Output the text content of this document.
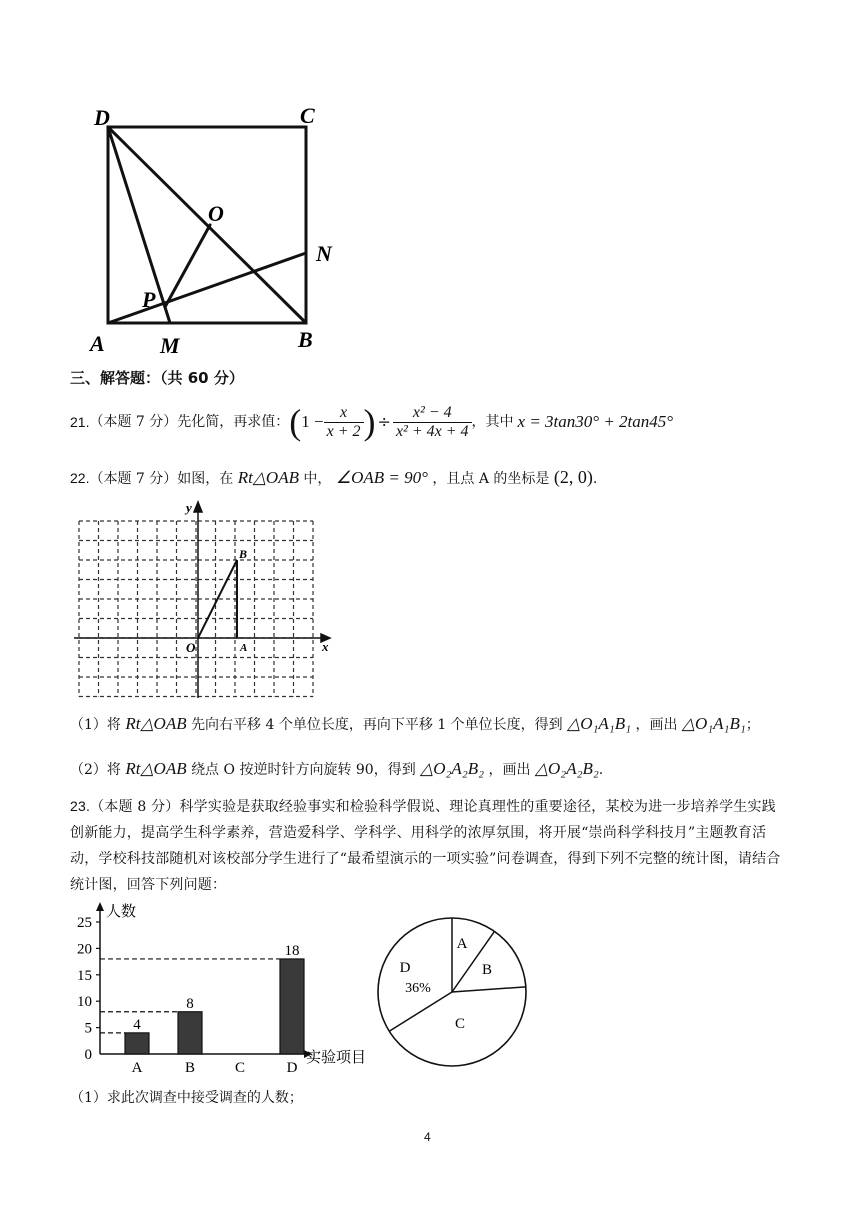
D	C
O
N
P
A	M	B
三、解答题：（共 60 分）
21. （本题 7 分）先化简，再求值： ( $1 - \frac{x}{x + 2}$ ) ÷ $\frac{\text{x² − 4}}{\text{x² + 4x + 4}}$ ，其中 x = 3tan30° + 2tan45°
22.（本题 7 分）如图，在 Rt△OAB 中， ∠OAB = 90° ，且点 A 的坐标是 (2, 0).
y
x
O	A
B
（1）将 Rt△OAB 先向右平移 4 个单位长度，再向下平移 1 个单位长度，得到 △O₁A₁B₁ ，画出 △O₁A₁B₁；
（2）将 Rt△OAB 绕点 O 按逆时针方向旋转 90，得到 △O₂A₂B₂ ，画出 △O₂A₂B₂.
23.（本题 8 分）科学实验是获取经验事实和检验科学假说、理论真理性的重要途径，某校为进一步培养学生实践创新能力，提高学生科学素养，营造爱科学、学科学、用科学的浓厚氛围，将开展“崇尚科学科技月”主题教育活动，学校科技部随机对该校部分学生进行了“最希望演示的一项实验”问卷调查，得到下列不完整的统计图，请结合统计图，回答下列问题：
人数
实验项目
0
5
10
15
20
25
4
A
8
B	C
18
D
A
B
C
D
36%
（1）求此次调查中接受调查的人数；
4
